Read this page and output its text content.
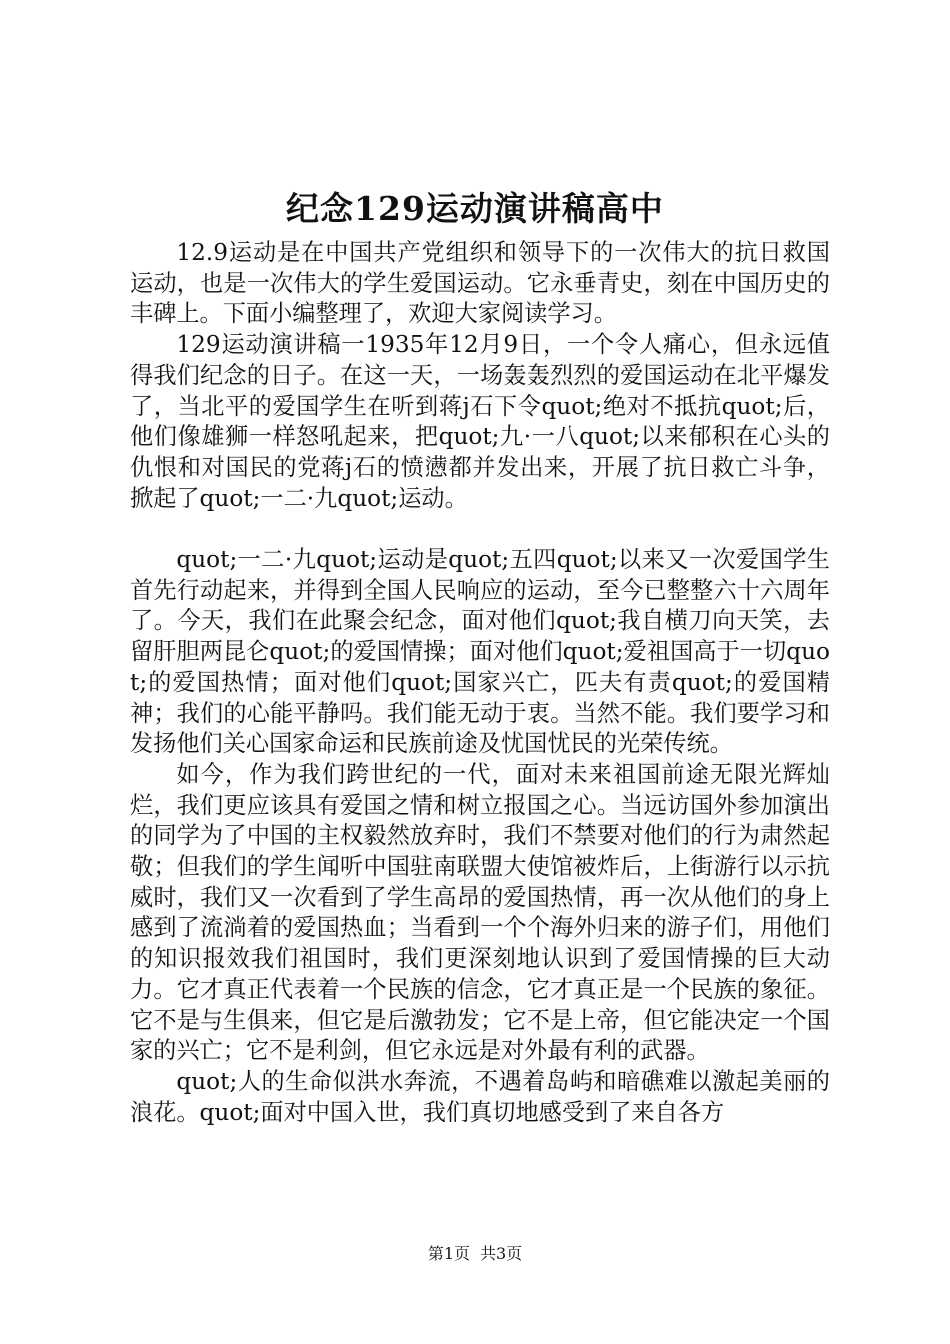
纪念129运动演讲稿高中

12.9运动是在中国共产党组织和领导下的一次伟大的抗日救国运动，也是一次伟大的学生爱国运动。它永垂青史，刻在中国历史的丰碑上。下面小编整理了，欢迎大家阅读学习。

129运动演讲稿一1935年12月9日，一个令人痛心，但永远值得我们纪念的日子。在这一天，一场轰轰烈烈的爱国运动在北平爆发了，当北平的爱国学生在听到蒋j石下令quot;绝对不抵抗quot;后，他们像雄狮一样怒吼起来，把quot;九·一八quot;以来郁积在心头的仇恨和对国民的党蒋j石的愤懑都并发出来，开展了抗日救亡斗争，掀起了quot;一二·九quot;运动。

quot;一二·九quot;运动是quot;五四quot;以来又一次爱国学生首先行动起来，并得到全国人民响应的运动，至今已整整六十六周年了。今天，我们在此聚会纪念，面对他们quot;我自横刀向天笑，去留肝胆两昆仑quot;的爱国情操；面对他们quot;爱祖国高于一切quot;的爱国热情；面对他们quot;国家兴亡，匹夫有责quot;的爱国精神；我们的心能平静吗。我们能无动于衷。当然不能。我们要学习和发扬他们关心国家命运和民族前途及忧国忧民的光荣传统。

如今，作为我们跨世纪的一代，面对未来祖国前途无限光辉灿烂，我们更应该具有爱国之情和树立报国之心。当远访国外参加演出的同学为了中国的主权毅然放弃时，我们不禁要对他们的行为肃然起敬；但我们的学生闻听中国驻南联盟大使馆被炸后，上街游行以示抗威时，我们又一次看到了学生高昂的爱国热情，再一次从他们的身上感到了流淌着的爱国热血；当看到一个个海外归来的游子们，用他们的知识报效我们祖国时，我们更深刻地认识到了爱国情操的巨大动力。它才真正代表着一个民族的信念，它才真正是一个民族的象征。它不是与生俱来，但它是后激勃发；它不是上帝，但它能决定一个国家的兴亡；它不是利剑，但它永远是对外最有利的武器。

quot;人的生命似洪水奔流，不遇着岛屿和暗礁难以激起美丽的浪花。quot;面对中国入世，我们真切地感受到了来自各方

第1页 共3页
